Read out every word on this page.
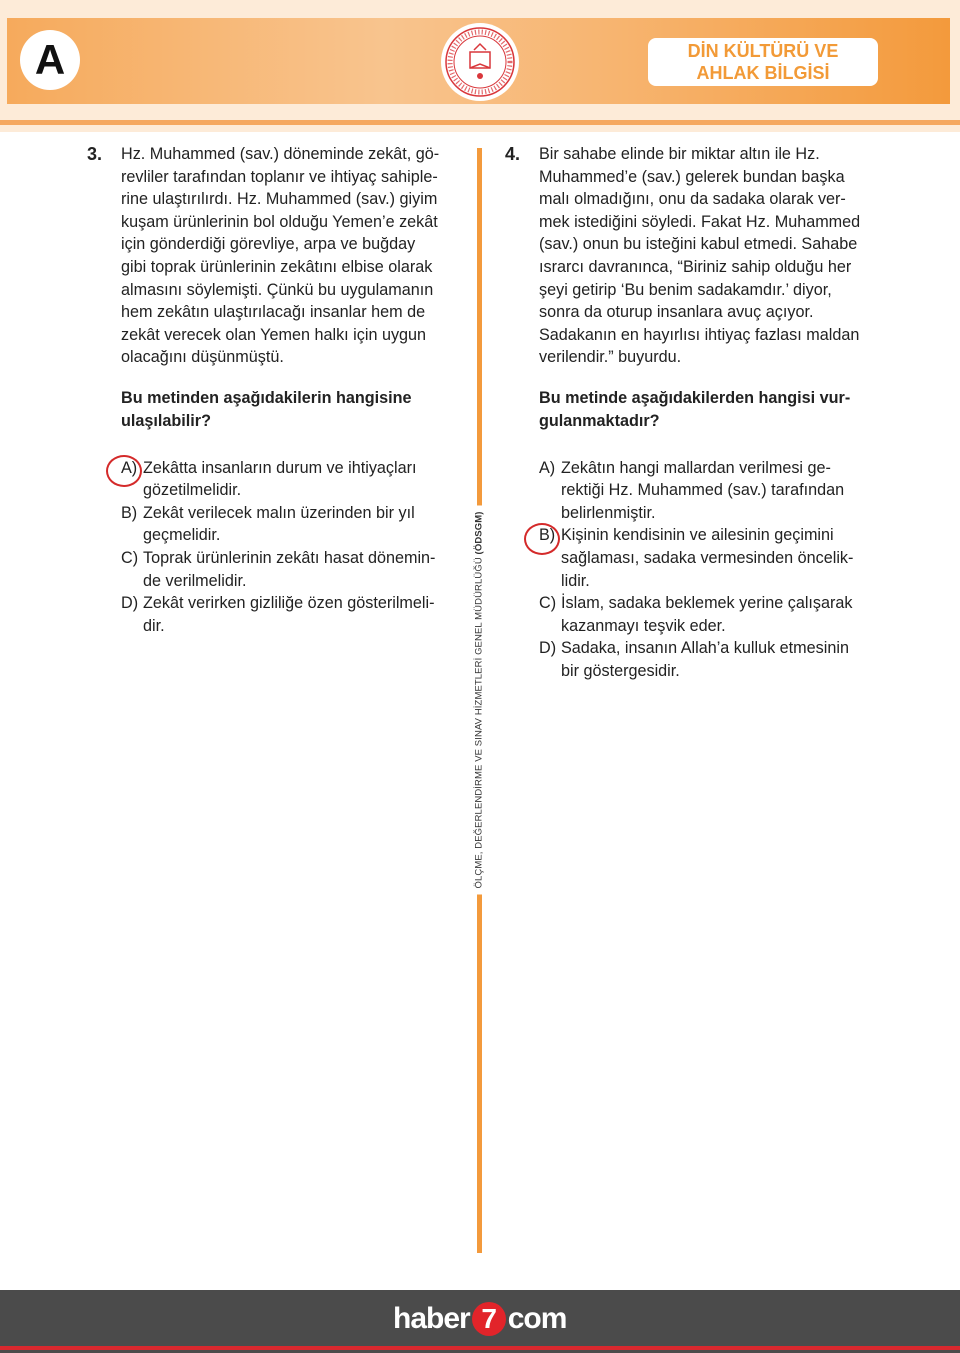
A	DİN KÜLTÜRÜ VE
AHLAK BİLGİSİ
ÖLÇME, DEĞERLENDİRME VE SINAV HİZMETLERİ GENEL MÜDÜRLÜĞÜ (ÖDSGM)
3. Hz. Muhammed (sav.) döneminde zekât, gö-
revliler tarafından toplanır ve ihtiyaç sahiple-
rine ulaştırılırdı. Hz. Muhammed (sav.) giyim
kuşam ürünlerinin bol olduğu Yemen’e zekât
için gönderdiği görevliye, arpa ve buğday
gibi toprak ürünlerinin zekâtını elbise olarak
almasını söylemişti. Çünkü bu uygulamanın
hem zekâtın ulaştırılacağı insanlar hem de
zekât verecek olan Yemen halkı için uygun
olacağını düşünmüştü.
Bu metinden aşağıdakilerin hangisine
ulaşılabilir?
A) Zekâtta insanların durum ve ihtiyaçları
gözetilmelidir.
B) Zekât verilecek malın üzerinden bir yıl
geçmelidir.
C) Toprak ürünlerinin zekâtı hasat dönemin-
de verilmelidir.
D) Zekât verirken gizliliğe özen gösterilmeli-
dir.
4. Bir sahabe elinde bir miktar altın ile Hz.
Muhammed’e (sav.) gelerek bundan başka
malı olmadığını, onu da sadaka olarak ver-
mek istediğini söyledi. Fakat Hz. Muhammed
(sav.) onun bu isteğini kabul etmedi. Sahabe
ısrarcı davranınca, “Biriniz sahip olduğu her
şeyi getirip ‘Bu benim sadakamdır.’ diyor,
sonra da oturup insanlara avuç açıyor.
Sadakanın en hayırlısı ihtiyaç fazlası maldan
verilendir.” buyurdu.
Bu metinde aşağıdakilerden hangisi vur-
gulanmaktadır?
A) Zekâtın hangi mallardan verilmesi ge-
rektiği Hz. Muhammed (sav.) tarafından
belirlenmiştir.
B) Kişinin kendisinin ve ailesinin geçimini
sağlaması, sadaka vermesinden öncelik-
lidir.
C) İslam, sadaka beklemek yerine çalışarak
kazanmayı teşvik eder.
D) Sadaka, insanın Allah’a kulluk etmesinin
bir göstergesidir.
haber 7 com
